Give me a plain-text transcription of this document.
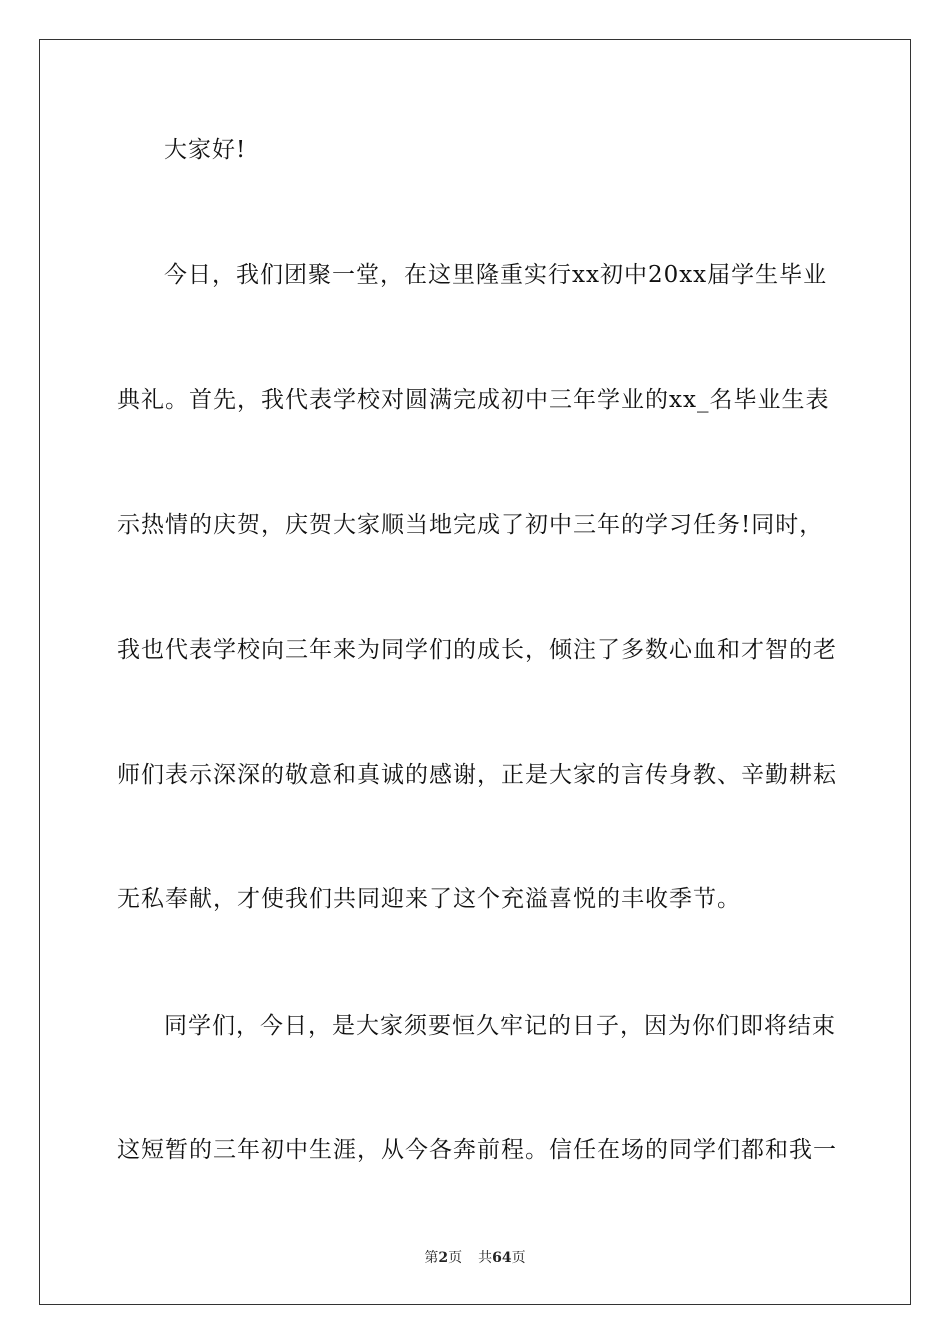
大家好!
今日，我们团聚一堂，在这里隆重实行xx初中20xx届学生毕业
典礼。首先，我代表学校对圆满完成初中三年学业的xx_名毕业生表
示热情的庆贺，庆贺大家顺当地完成了初中三年的学习任务!同时，
我也代表学校向三年来为同学们的成长，倾注了多数心血和才智的老
师们表示深深的敬意和真诚的感谢，正是大家的言传身教、辛勤耕耘
无私奉献，才使我们共同迎来了这个充溢喜悦的丰收季节。
同学们，今日，是大家须要恒久牢记的日子，因为你们即将结束
这短暂的三年初中生涯，从今各奔前程。信任在场的同学们都和我一
第2页 共64页
